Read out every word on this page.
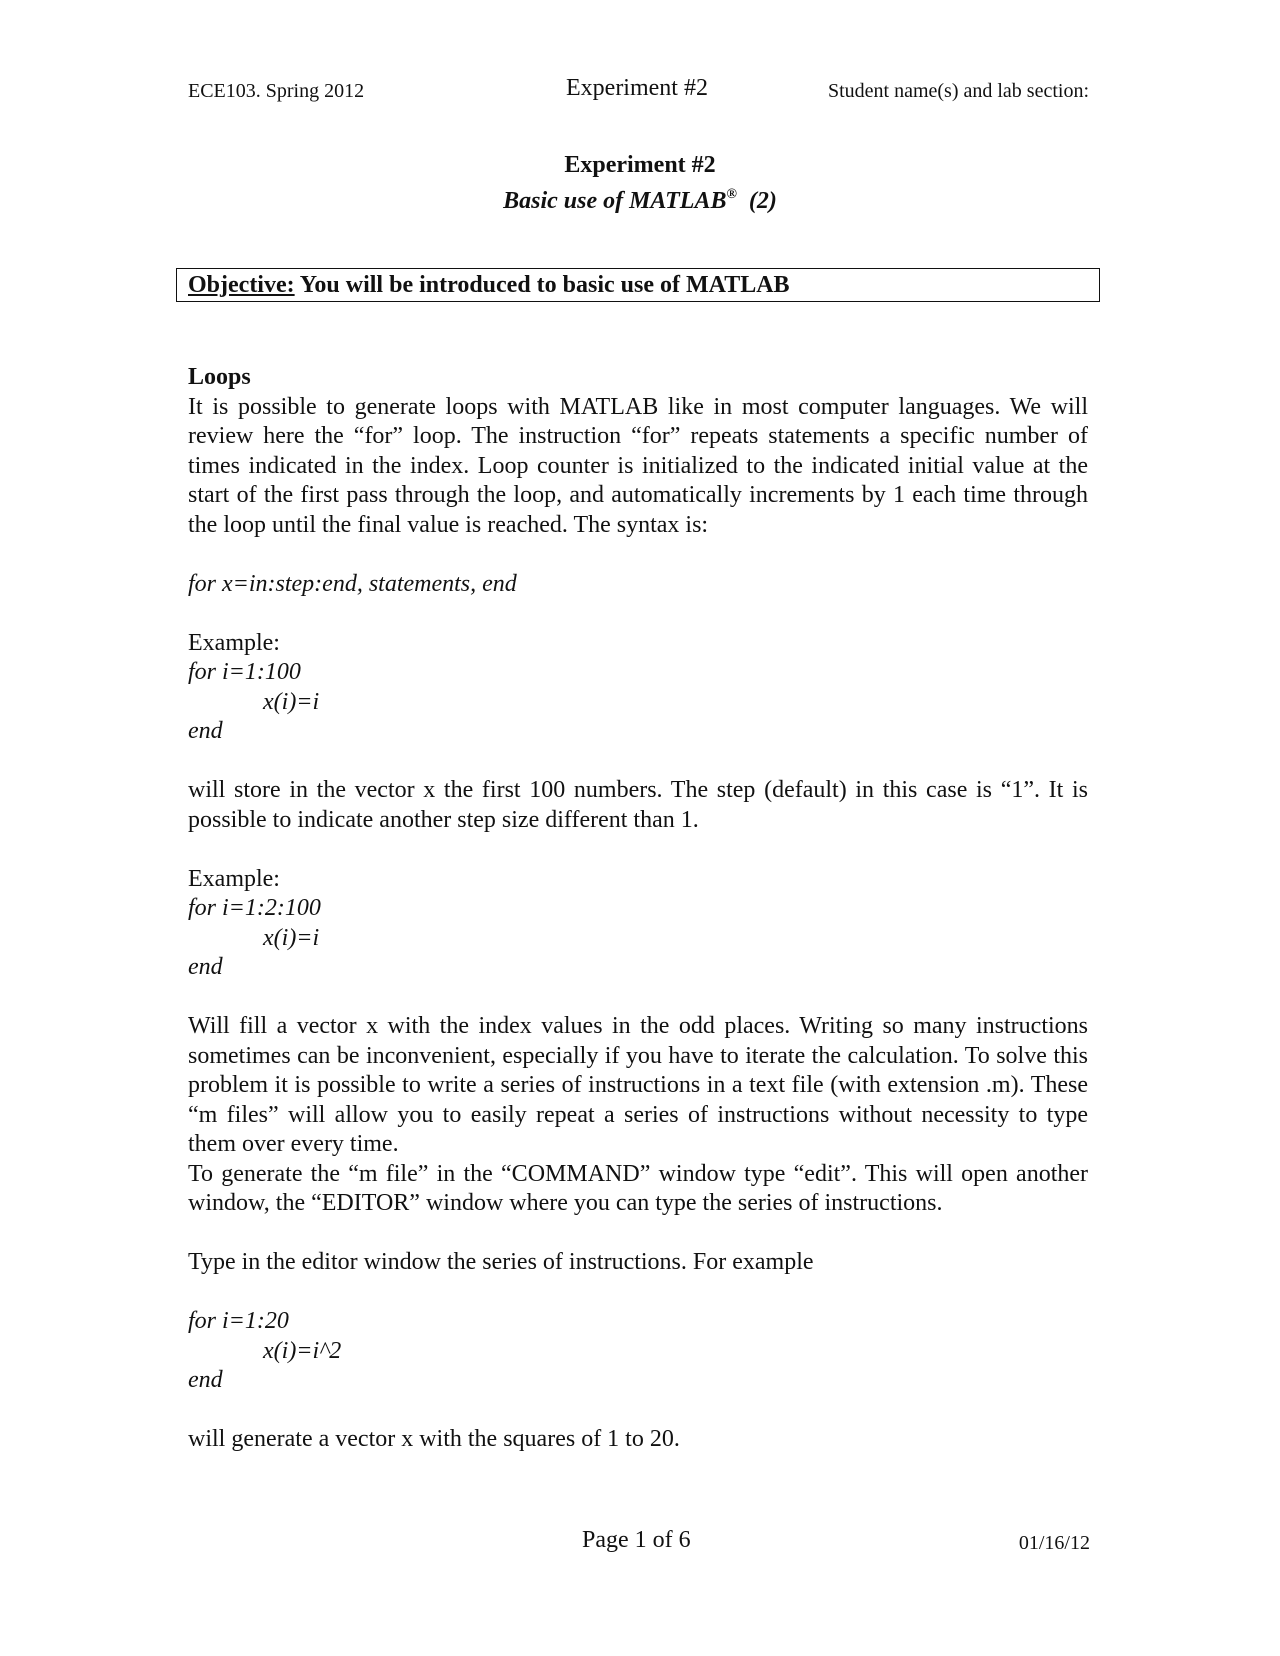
ECE103. Spring 2012	Experiment #2	Student name(s) and lab section:
Experiment #2
Basic use of MATLAB® (2)
Objective: You will be introduced to basic use of MATLAB

Loops

It is possible to generate loops with MATLAB like in most computer languages. We will review here the “for” loop. The instruction “for” repeats statements a specific number of times indicated in the index. Loop counter is initialized to the indicated initial value at the start of the first pass through the loop, and automatically increments by 1 each time through the loop until the final value is reached. The syntax is:

for x=in:step:end, statements, end

Example:

for i=1:100

x(i)=i

end

will store in the vector x the first 100 numbers. The step (default) in this case is “1”. It is possible to indicate another step size different than 1.

Example:

for i=1:2:100

x(i)=i

end

Will fill a vector x with the index values in the odd places. Writing so many instructions sometimes can be inconvenient, especially if you have to iterate the calculation. To solve this problem it is possible to write a series of instructions in a text file (with extension .m). These “m files” will allow you to easily repeat a series of instructions without necessity to type them over every time.

To generate the “m file” in the “COMMAND” window type “edit”. This will open another window, the “EDITOR” window where you can type the series of instructions.

Type in the editor window the series of instructions. For example

for i=1:20

x(i)=i^2

end

will generate a vector x with the squares of 1 to 20.

Page 1 of 6	01/16/12
